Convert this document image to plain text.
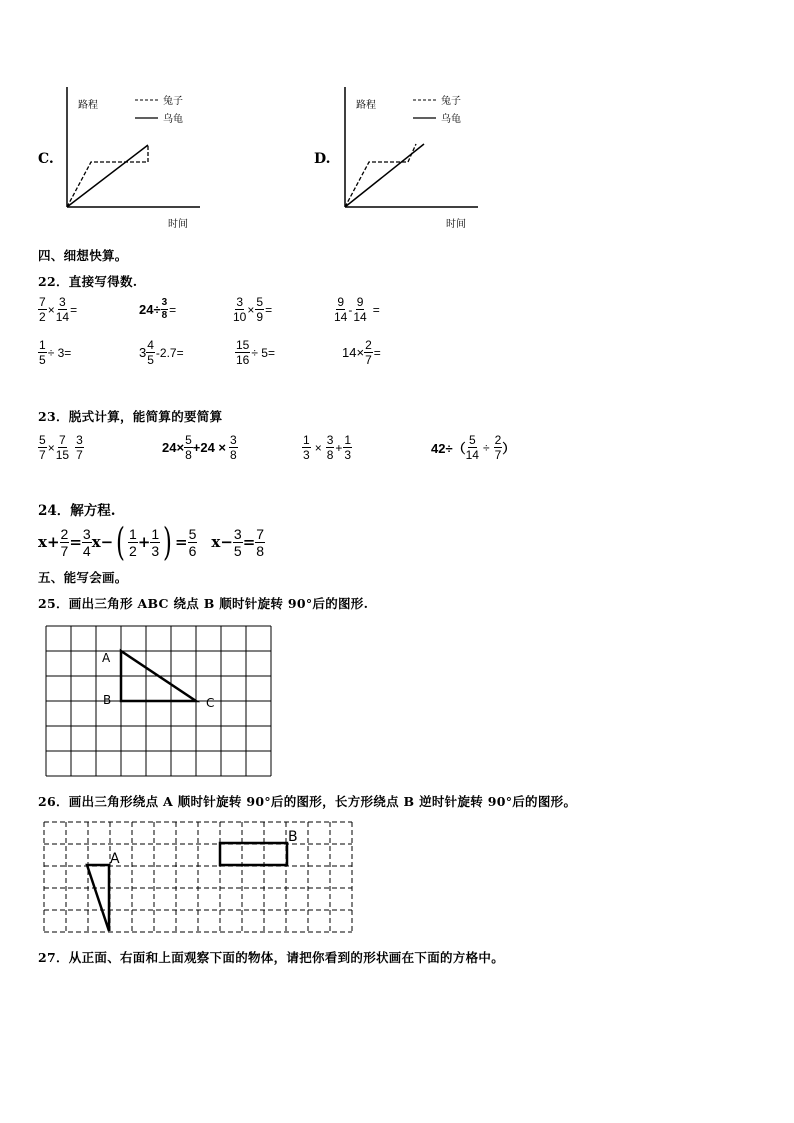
C.
路程
时间
兔子
乌龟
D.
路程
时间
兔子
乌龟
四、细想快算。
22．直接写得数.
$\frac{7}{2} \times \frac{3}{14}$ =	$24\div \frac{3}{8}$ =	$\frac{3}{10} \times \frac{5}{9}$ =	$\frac{9}{14} - \frac{9}{14}$ =
$\frac{1}{5} \div 3=$	$3 \frac{4}{5} -2.7=$	$\frac{15}{16} \div 5=$	$14\times \frac{2}{7}$ =
23．脱式计算，能简算的要简算
$\frac{5}{7} \times \frac{7}{15} \frac{3}{7}$	$24\times \frac{5}{8} +24 \times \frac{3}{8}$	$\frac{1}{3} \times \frac{3}{8} + \frac{1}{3}$	$42\div( \frac{5}{14} \div \frac{2}{7}$ ）
24．解方程.
$x+ \frac{2}{7} = \frac{3}{4} x-$ ( $\frac{1}{2} + \frac{1}{3}$ ) = $\frac{5}{6} x- \frac{3}{5} = \frac{7}{8}$
五、能写会画。
25．画出三角形 ABC 绕点 B 顺时针旋转 90°后的图形.
A
B	C
26．画出三角形绕点 A 顺时针旋转 90°后的图形，长方形绕点 B 逆时针旋转 90°后的图形。
A
B
27．从正面、右面和上面观察下面的物体，请把你看到的形状画在下面的方格中。
